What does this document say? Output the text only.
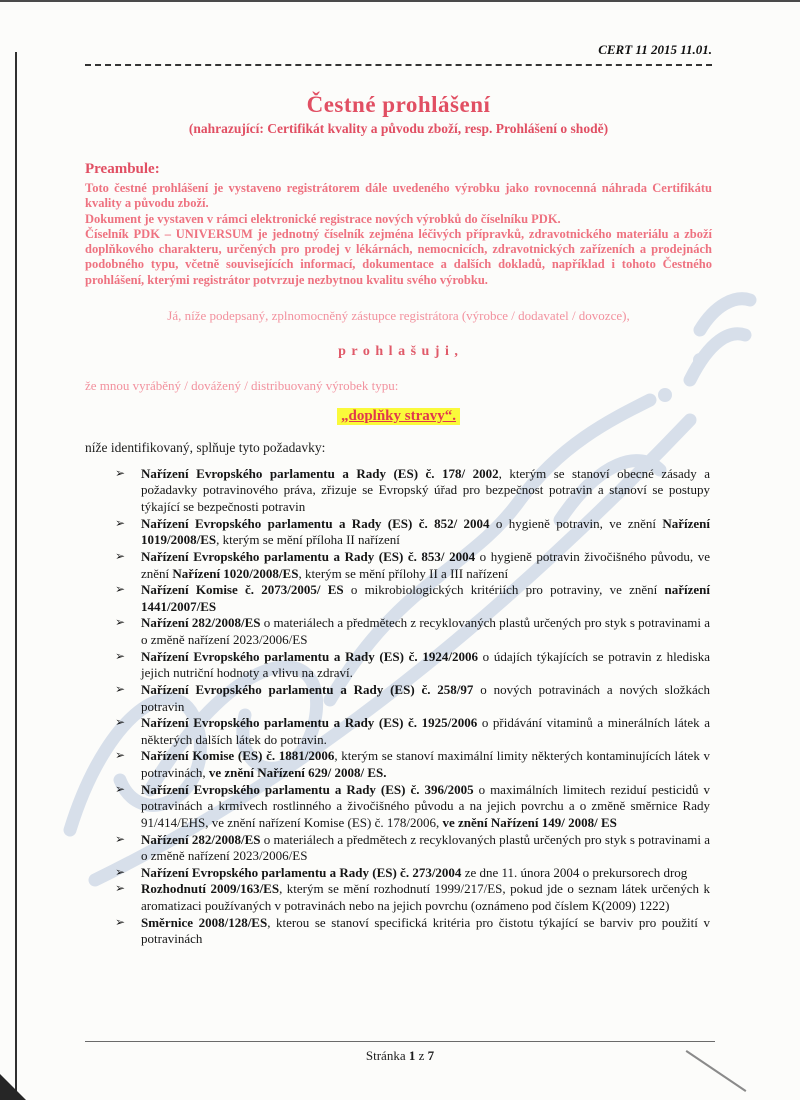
CERT 11 2015 11.01.
Čestné prohlášení
(nahrazující: Certifikát kvality a původu zboží, resp. Prohlášení o shodě)
Preambule:

Toto čestné prohlášení je vystaveno registrátorem dále uvedeného výrobku jako rovnocenná náhrada Certifikátu kvality a původu zboží.

Dokument je vystaven v rámci elektronické registrace nových výrobků do číselníku PDK.

Číselník PDK – UNIVERSUM je jednotný číselník zejména léčivých přípravků, zdravotnického materiálu a zboží doplňkového charakteru, určených pro prodej v lékárnách, nemocnicích, zdravotnických zařízeních a prodejnách podobného typu, včetně souvisejících informací, dokumentace a dalších dokladů, například i tohoto Čestného prohlášení, kterými registrátor potvrzuje nezbytnou kvalitu svého výrobku.

Já, níže podepsaný, zplnomocněný zástupce registrátora (výrobce / dodavatel / dovozce),

p r o h l a š u j i ,

že mnou vyráběný / dovážený / distribuovaný výrobek typu:

„doplňky stravy“.

níže identifikovaný, splňuje tyto požadavky:

➢ Nařízení Evropského parlamentu a Rady (ES) č. 178/ 2002, kterým se stanoví obecné zásady a požadavky potravinového práva, zřizuje se Evropský úřad pro bezpečnost potravin a stanoví se postupy týkající se bezpečnosti potravin
➢ Nařízení Evropského parlamentu a Rady (ES) č. 852/ 2004 o hygieně potravin, ve znění Nařízení 1019/2008/ES, kterým se mění příloha II nařízení
➢ Nařízení Evropského parlamentu a Rady (ES) č. 853/ 2004 o hygieně potravin živočišného původu, ve znění Nařízení 1020/2008/ES, kterým se mění přílohy II a III nařízení
➢ Nařízení Komise č. 2073/2005/ ES o mikrobiologických kritériích pro potraviny, ve znění nařízení 1441/2007/ES
➢ Nařízení 282/2008/ES o materiálech a předmětech z recyklovaných plastů určených pro styk s potravinami a o změně nařízení 2023/2006/ES
➢ Nařízení Evropského parlamentu a Rady (ES) č. 1924/2006 o údajích týkajících se potravin z hlediska jejich nutriční hodnoty a vlivu na zdraví.
➢ Nařízení Evropského parlamentu a Rady (ES) č. 258/97 o nových potravinách a nových složkách potravin
➢ Nařízení Evropského parlamentu a Rady (ES) č. 1925/2006 o přidávání vitaminů a minerálních látek a některých dalších látek do potravin.
➢ Nařízení Komise (ES) č. 1881/2006, kterým se stanoví maximální limity některých kontaminujících látek v potravinách, ve znění Nařízení 629/ 2008/ ES.
➢ Nařízení Evropského parlamentu a Rady (ES) č. 396/2005 o maximálních limitech reziduí pesticidů v potravinách a krmivech rostlinného a živočišného původu a na jejich povrchu a o změně směrnice Rady 91/414/EHS, ve znění nařízení Komise (ES) č. 178/2006, ve znění Nařízení 149/ 2008/ ES
➢ Nařízení 282/2008/ES o materiálech a předmětech z recyklovaných plastů určených pro styk s potravinami a o změně nařízení 2023/2006/ES
➢ Nařízení Evropského parlamentu a Rady (ES) č. 273/2004 ze dne 11. února 2004 o prekursorech drog
➢ Rozhodnutí 2009/163/ES, kterým se mění rozhodnutí 1999/217/ES, pokud jde o seznam látek určených k aromatizaci používaných v potravinách nebo na jejich povrchu (oznámeno pod číslem K(2009) 1222)
➢ Směrnice 2008/128/ES, kterou se stanoví specifická kritéria pro čistotu týkající se barviv pro použití v potravinách
Stránka 1 z 7
